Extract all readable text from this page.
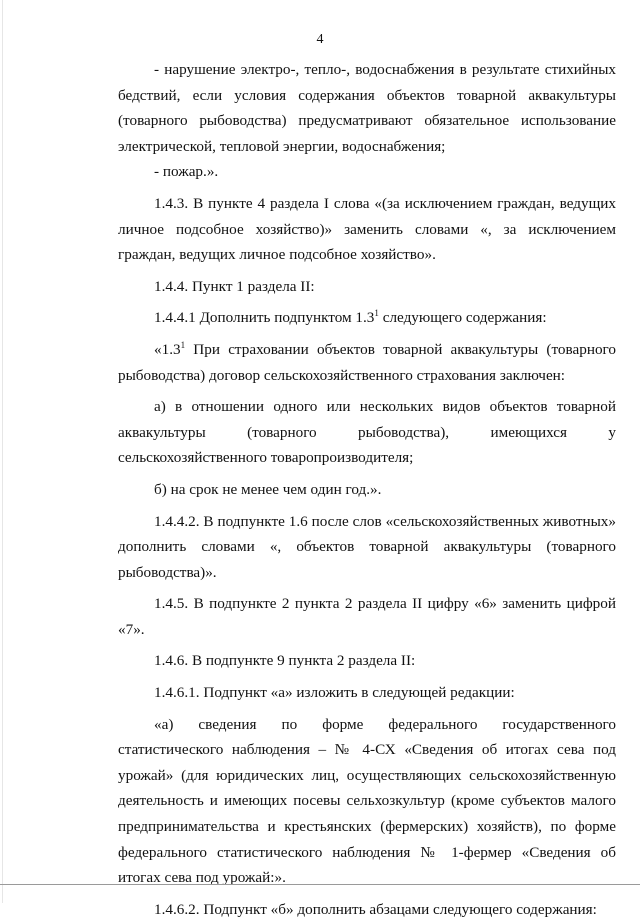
4

- нарушение электро-, тепло-, водоснабжения в результате стихийных бедствий, если условия содержания объектов товарной аквакультуры (товарного рыбоводства) предусматривают обязательное использование электрической, тепловой энергии, водоснабжения;

- пожар.».

1.4.3. В пункте 4 раздела I слова «(за исключением граждан, ведущих личное подсобное хозяйство)» заменить словами «, за исключением граждан, ведущих личное подсобное хозяйство».

1.4.4. Пункт 1 раздела II:

1.4.4.1 Дополнить подпунктом $1.3^1$ следующего содержания:

«$1.3^1$ При страховании объектов товарной аквакультуры (товарного рыбоводства) договор сельскохозяйственного страхования заключен:

а) в отношении одного или нескольких видов объектов товарной аквакультуры (товарного рыбоводства), имеющихся у сельскохозяйственного товаропроизводителя;

б) на срок не менее чем один год.».

1.4.4.2. В подпункте 1.6 после слов «сельскохозяйственных животных» дополнить словами «, объектов товарной аквакультуры (товарного рыбоводства)».

1.4.5. В подпункте 2 пункта 2 раздела II цифру «6» заменить цифрой «7».

1.4.6. В подпункте 9 пункта 2 раздела II:

1.4.6.1. Подпункт «а» изложить в следующей редакции:

«а) сведения по форме федерального государственного статистического наблюдения – № 4-СХ «Сведения об итогах сева под урожай» (для юридических лиц, осуществляющих сельскохозяйственную деятельность и имеющих посевы сельхозкультур (кроме субъектов малого предпринимательства и крестьянских (фермерских) хозяйств), по форме федерального статистического наблюдения № 1-фермер «Сведения об итогах сева под урожай:».

1.4.6.2. Подпункт «б» дополнить абзацами следующего содержания:
